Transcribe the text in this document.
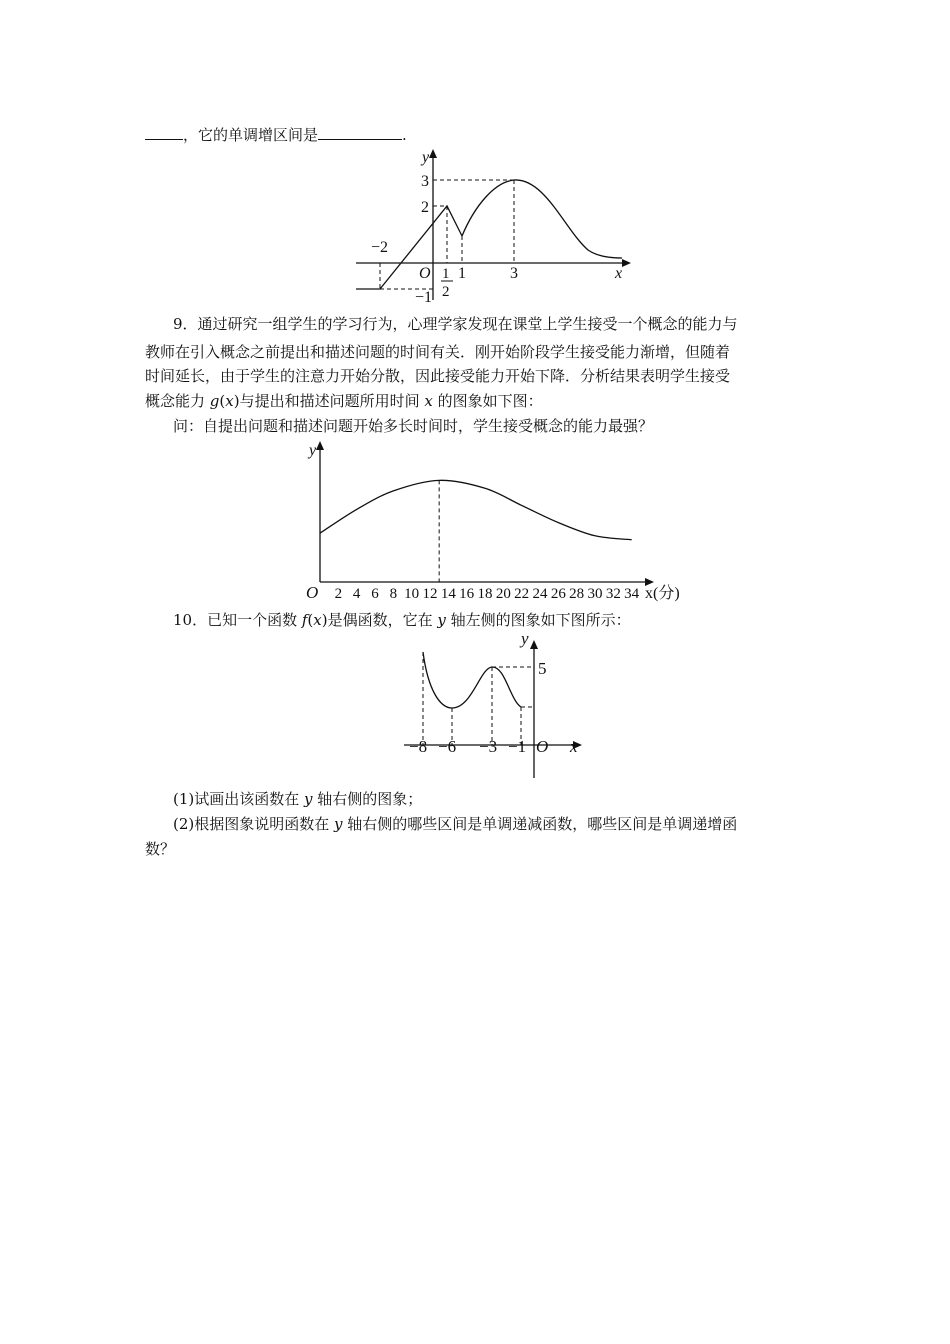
，它的单调增区间是	.
y
x
O
3
2
−1
−2
1
2
1	3
9．通过研究一组学生的学习行为，心理学家发现在课堂上学生接受一个概念的能力与
教师在引入概念之前提出和描述问题的时间有关．刚开始阶段学生接受能力渐增，但随着
时间延长，由于学生的注意力开始分散，因此接受能力开始下降．分析结果表明学生接受
概念能力 g(x)与提出和描述问题所用时间 x 的图象如下图：
问：自提出问题和描述问题开始多长时间时，学生接受概念的能力最强？
y
O	x(分)
2 4 6 8 10 12 14 16 18 20 22 24 26 28 30 32 34
10．已知一个函数 f(x)是偶函数，它在 y 轴左侧的图象如下图所示：
y
x
O
5
−8 −6 −3 −1
(1)试画出该函数在 y 轴右侧的图象；
(2)根据图象说明函数在 y 轴右侧的哪些区间是单调递减函数，哪些区间是单调递增函
数？
